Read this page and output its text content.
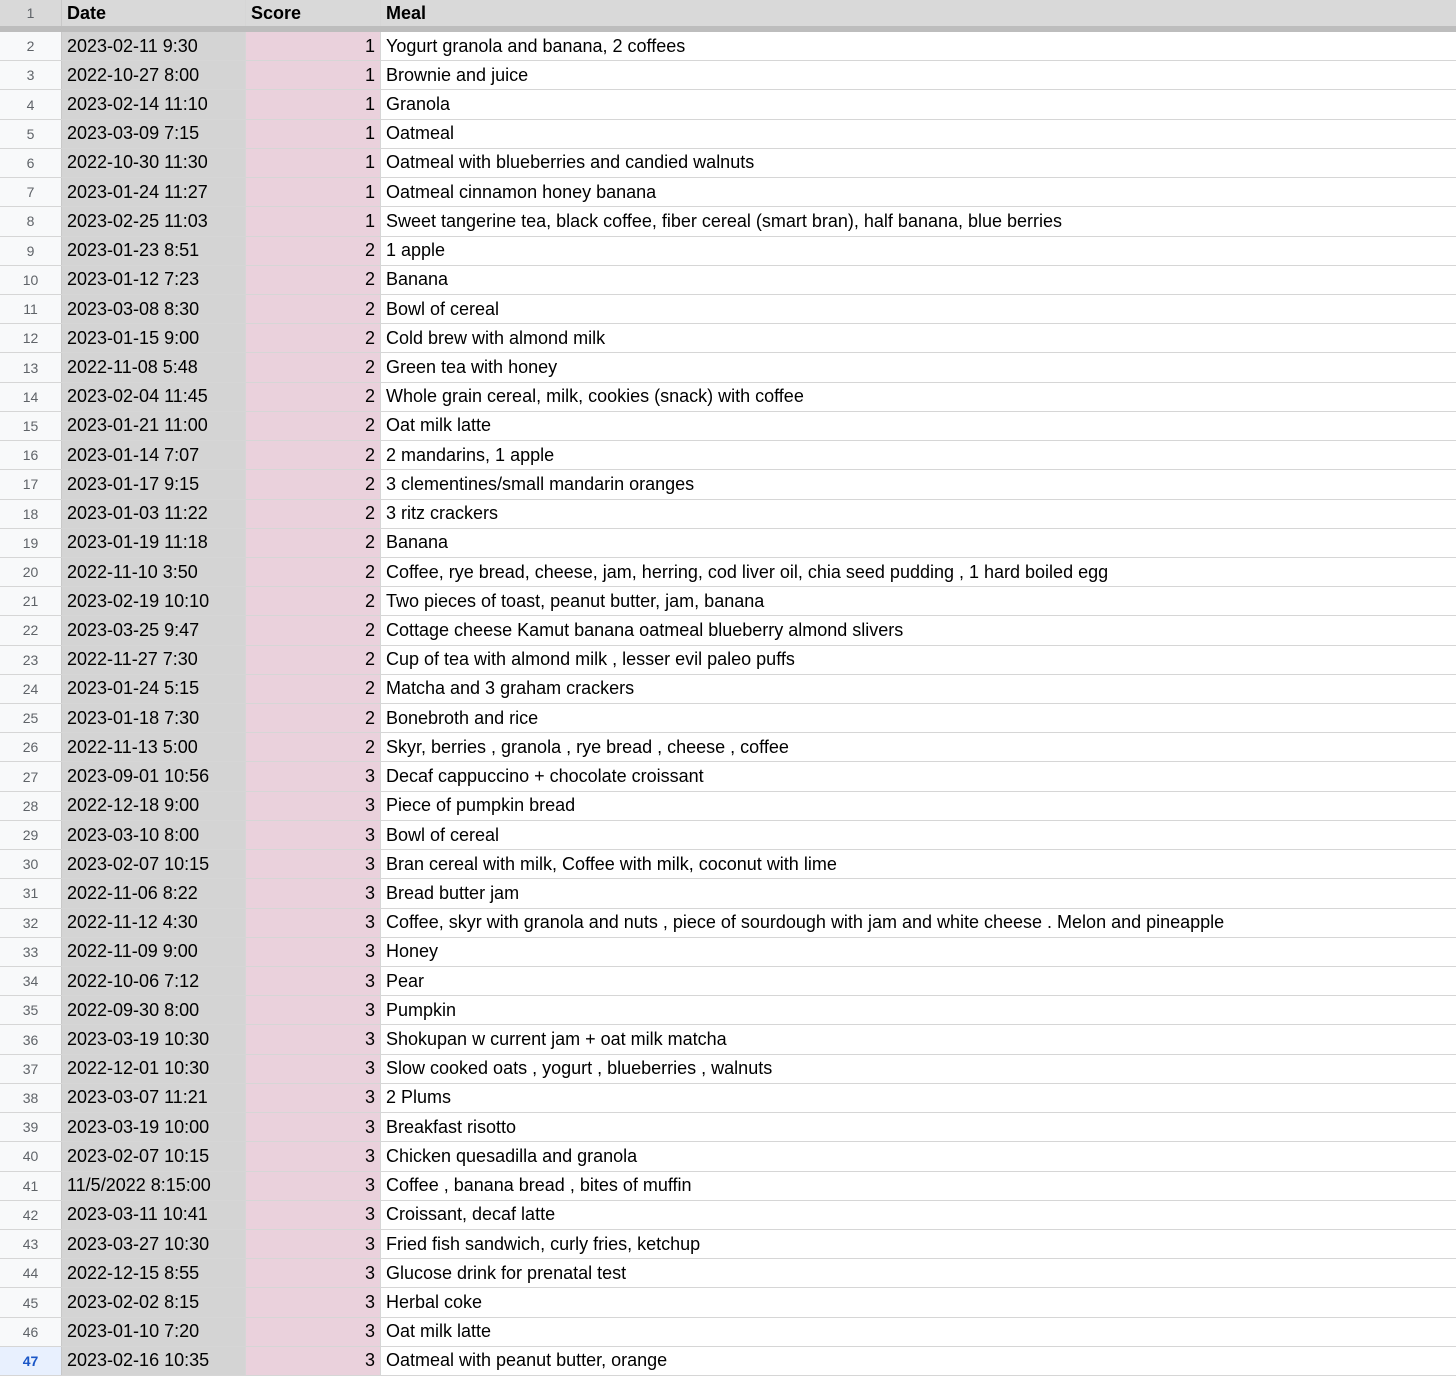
1	Date	Score	Meal
2	2023-02-11 9:30	1 Yogurt granola and banana, 2 coffees
3	2022-10-27 8:00	1 Brownie and juice
4	2023-02-14 11:10	1 Granola
5	2023-03-09 7:15	1 Oatmeal
6	2022-10-30 11:30	1 Oatmeal with blueberries and candied walnuts
7	2023-01-24 11:27	1 Oatmeal cinnamon honey banana
8	2023-02-25 11:03	1 Sweet tangerine tea, black coffee, fiber cereal (smart bran), half banana, blue berries
9	2023-01-23 8:51	2 1 apple
10	2023-01-12 7:23	2 Banana
11	2023-03-08 8:30	2 Bowl of cereal
12	2023-01-15 9:00	2 Cold brew with almond milk
13	2022-11-08 5:48	2 Green tea with honey
14	2023-02-04 11:45	2 Whole grain cereal, milk, cookies (snack) with coffee
15	2023-01-21 11:00	2 Oat milk latte
16	2023-01-14 7:07	2 2 mandarins, 1 apple
17	2023-01-17 9:15	2 3 clementines/small mandarin oranges
18	2023-01-03 11:22	2 3 ritz crackers
19	2023-01-19 11:18	2 Banana
20	2022-11-10 3:50	2 Coffee, rye bread, cheese, jam, herring, cod liver oil, chia seed pudding , 1 hard boiled egg
21	2023-02-19 10:10	2 Two pieces of toast, peanut butter, jam, banana
22	2023-03-25 9:47	2 Cottage cheese Kamut banana oatmeal blueberry almond slivers
23	2022-11-27 7:30	2 Cup of tea with almond milk , lesser evil paleo puffs
24	2023-01-24 5:15	2 Matcha and 3 graham crackers
25	2023-01-18 7:30	2 Bonebroth and rice
26	2022-11-13 5:00	2 Skyr, berries , granola , rye bread , cheese , coffee
27	2023-09-01 10:56	3 Decaf cappuccino + chocolate croissant
28	2022-12-18 9:00	3 Piece of pumpkin bread
29	2023-03-10 8:00	3 Bowl of cereal
30	2023-02-07 10:15	3 Bran cereal with milk, Coffee with milk, coconut with lime
31	2022-11-06 8:22	3 Bread butter jam
32	2022-11-12 4:30	3 Coffee, skyr with granola and nuts , piece of sourdough with jam and white cheese . Melon and pineapple
33	2022-11-09 9:00	3 Honey
34	2022-10-06 7:12	3 Pear
35	2022-09-30 8:00	3 Pumpkin
36	2023-03-19 10:30	3 Shokupan w current jam + oat milk matcha
37	2022-12-01 10:30	3 Slow cooked oats , yogurt , blueberries , walnuts
38	2023-03-07 11:21	3 2 Plums
39	2023-03-19 10:00	3 Breakfast risotto
40	2023-02-07 10:15	3 Chicken quesadilla and granola
41	11/5/2022 8:15:00	3 Coffee , banana bread , bites of muffin
42	2023-03-11 10:41	3 Croissant, decaf latte
43	2023-03-27 10:30	3 Fried fish sandwich, curly fries, ketchup
44	2022-12-15 8:55	3 Glucose drink for prenatal test
45	2023-02-02 8:15	3 Herbal coke
46	2023-01-10 7:20	3 Oat milk latte
47	2023-02-16 10:35	3 Oatmeal with peanut butter, orange
